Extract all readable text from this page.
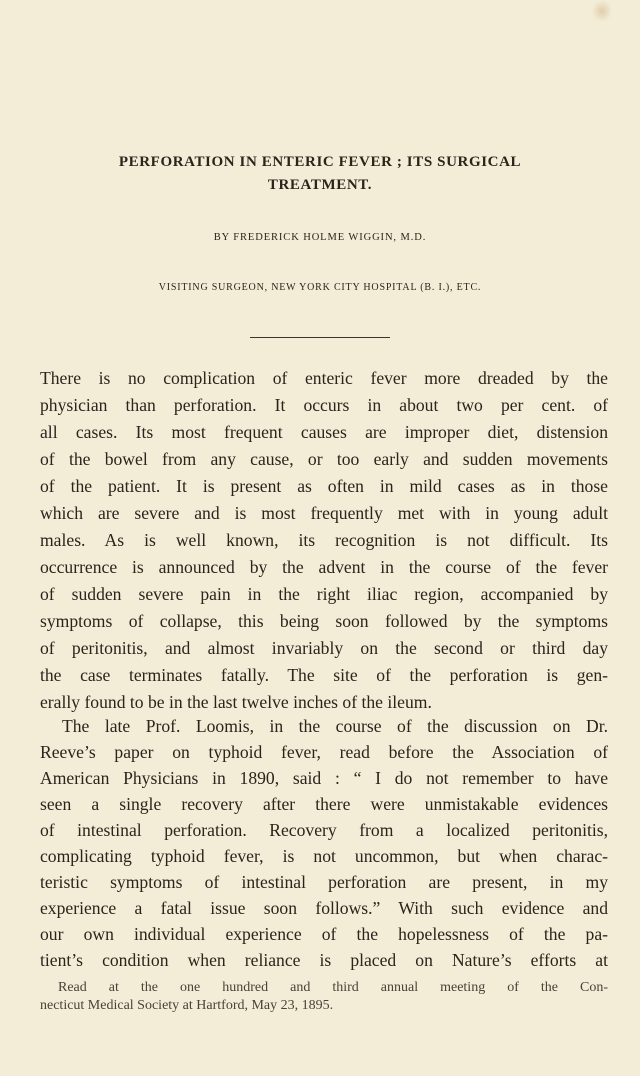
PERFORATION IN ENTERIC FEVER ; ITS SURGICAL
TREATMENT.

BY FREDERICK HOLME WIGGIN, M.D.

VISITING SURGEON, NEW YORK CITY HOSPITAL (B. I.), ETC.

There is no complication of enteric fever more dreaded by the

physician than perforation. It occurs in about two per cent. of

all cases. Its most frequent causes are improper diet, distension

of the bowel from any cause, or too early and sudden movements

of the patient. It is present as often in mild cases as in those

which are severe and is most frequently met with in young adult

males. As is well known, its recognition is not difficult. Its

occurrence is announced by the advent in the course of the fever

of sudden severe pain in the right iliac region, accompanied by

symptoms of collapse, this being soon followed by the symptoms

of peritonitis, and almost invariably on the second or third day

the case terminates fatally. The site of the perforation is gen-

erally found to be in the last twelve inches of the ileum.

The late Prof. Loomis, in the course of the discussion on Dr.

Reeve’s paper on typhoid fever, read before the Association of

American Physicians in 1890, said : “ I do not remember to have

seen a single recovery after there were unmistakable evidences

of intestinal perforation. Recovery from a localized peritonitis,

complicating typhoid fever, is not uncommon, but when charac-

teristic symptoms of intestinal perforation are present, in my

experience a fatal issue soon follows.” With such evidence and

our own individual experience of the hopelessness of the pa-

tient’s condition when reliance is placed on Nature’s efforts at

Read at the one hundred and third annual meeting of the Con-

necticut Medical Society at Hartford, May 23, 1895.
